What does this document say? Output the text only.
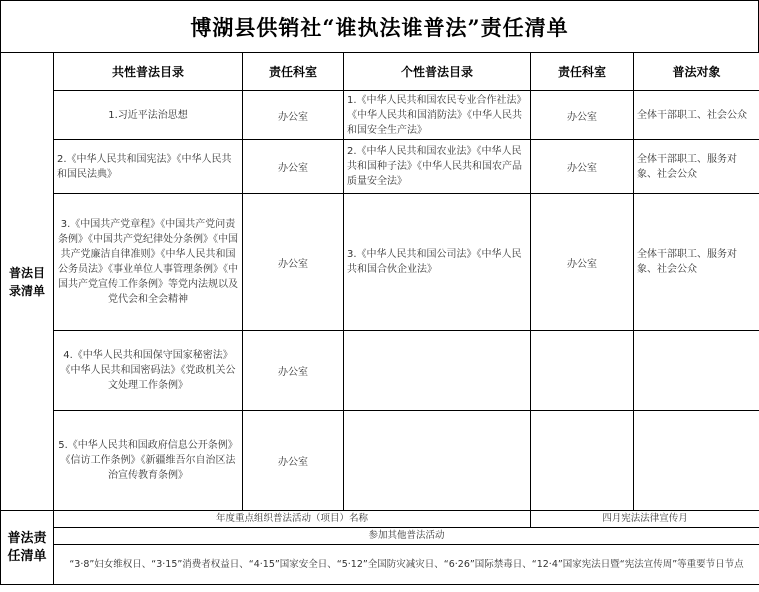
博湖县供销社“谁执法谁普法”责任清单
普法目录清单	共性普法目录	责任科室	个性普法目录	责任科室	普法对象
	1.习近平法治思想	办公室	1.《中华人民共和国农民专业合作社法》《中华人民共和国消防法》《中华人民共和国安全生产法》	办公室	全体干部职工、社会公众
	2.《中华人民共和国宪法》《中华人民共和国民法典》	办公室	2.《中华人民共和国农业法》《中华人民共和国种子法》《中华人民共和国农产品质量安全法》	办公室	全体干部职工、服务对象、社会公众
	3.《中国共产党章程》《中国共产党问责条例》《中国共产党纪律处分条例》《中国共产党廉洁自律准则》《中华人民共和国公务员法》《事业单位人事管理条例》《中国共产党宣传工作条例》等党内法规以及党代会和全会精神	办公室	3.《中华人民共和国公司法》《中华人民共和国合伙企业法》	办公室	全体干部职工、服务对象、社会公众
	4.《中华人民共和国保守国家秘密法》《中华人民共和国密码法》《党政机关公文处理工作条例》	办公室			
	5.《中华人民共和国政府信息公开条例》《信访工作条例》《新疆维吾尔自治区法治宣传教育条例》	办公室			
普法责任清单	年度重点组织普法活动（项目）名称			四月宪法法律宣传月	
	参加其他普法活动				
	“3·8”妇女维权日、“3·15”消费者权益日、“4·15”国家安全日、“5·12”全国防灾减灾日、“6·26”国际禁毒日、“12·4”国家宪法日暨“宪法宣传周”等重要节日节点				
